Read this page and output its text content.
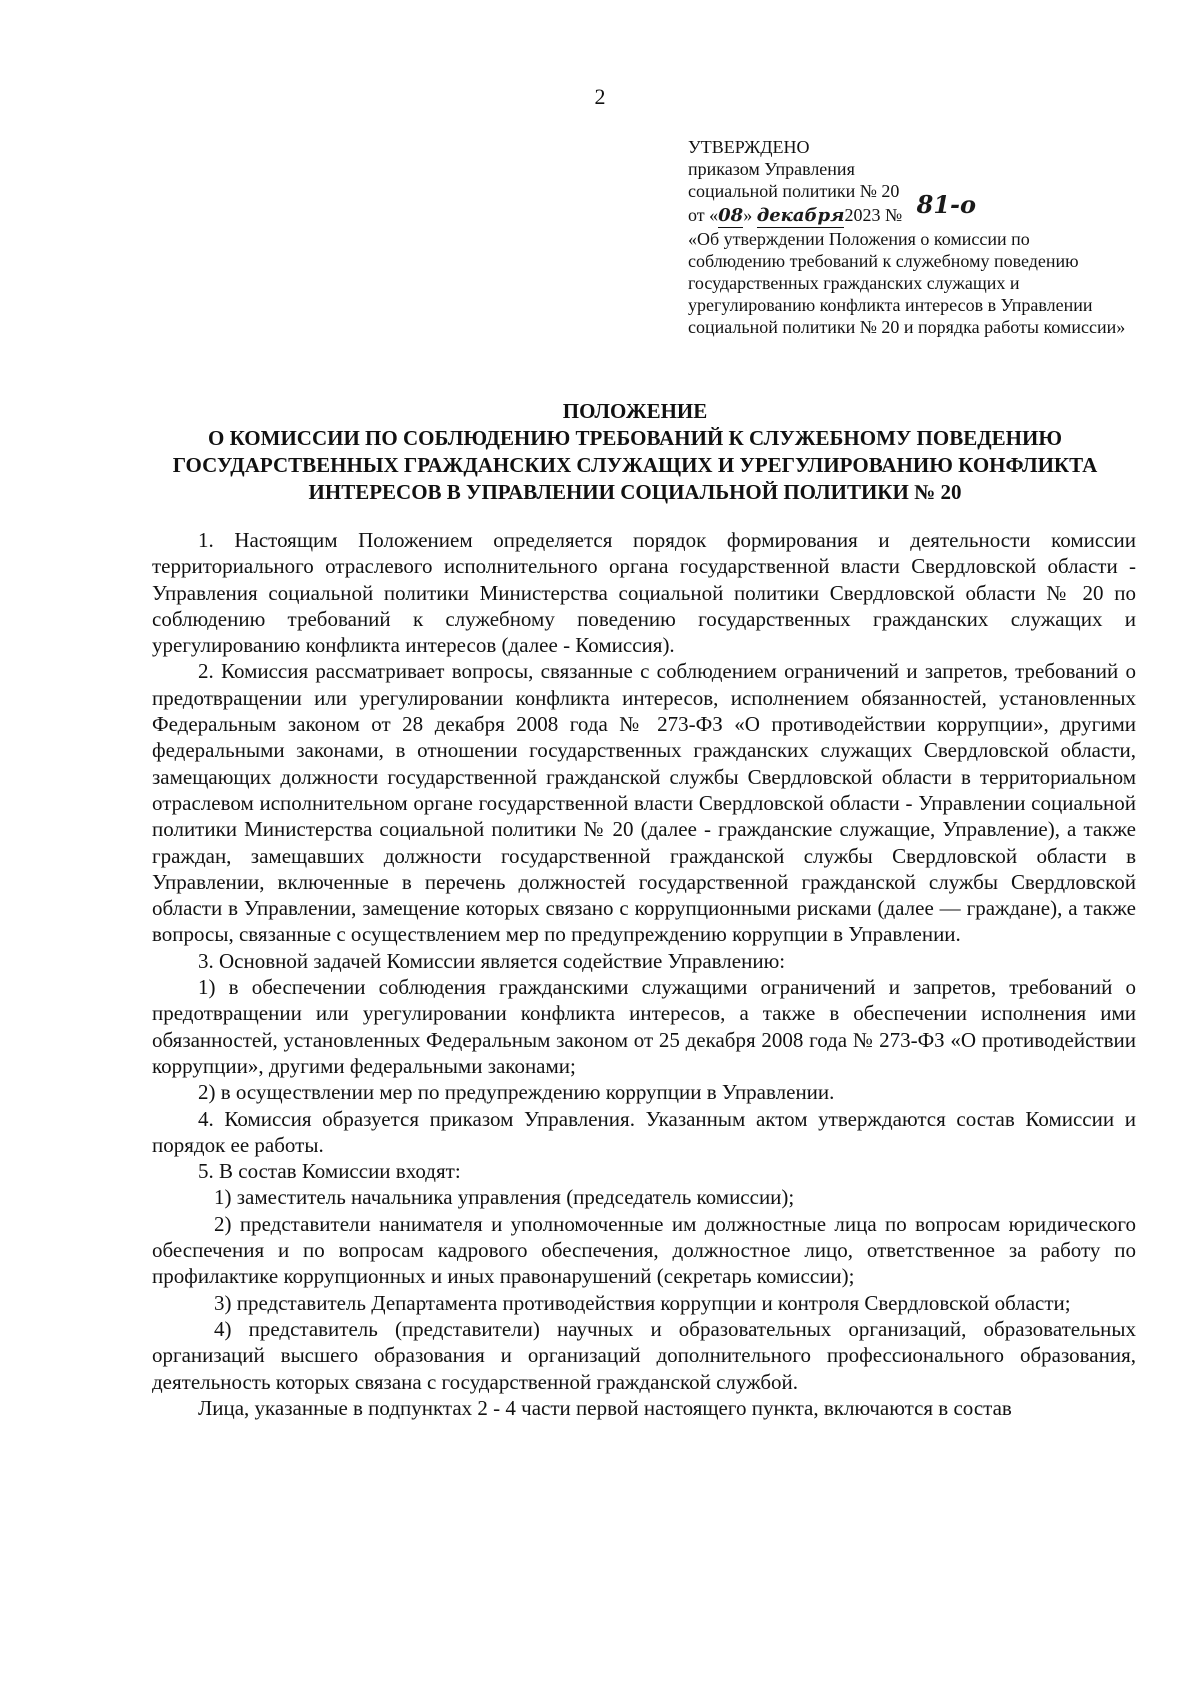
2
УТВЕРЖДЕНО
приказом Управления
социальной политики № 20
от «08» декабря2023 № 81-о
«Об утверждении Положения о комиссии по соблюдению требований к служебному поведению государственных гражданских служащих и урегулированию конфликта интересов в Управлении социальной политики № 20 и порядка работы комиссии»
ПОЛОЖЕНИЕ
О КОМИССИИ ПО СОБЛЮДЕНИЮ ТРЕБОВАНИЙ К СЛУЖЕБНОМУ ПОВЕДЕНИЮ
ГОСУДАРСТВЕННЫХ ГРАЖДАНСКИХ СЛУЖАЩИХ И УРЕГУЛИРОВАНИЮ КОНФЛИКТА
ИНТЕРЕСОВ В УПРАВЛЕНИИ СОЦИАЛЬНОЙ ПОЛИТИКИ № 20

1. Настоящим Положением определяется порядок формирования и деятельности комиссии территориального отраслевого исполнительного органа государственной власти Свердловской области - Управления социальной политики Министерства социальной политики Свердловской области № 20 по соблюдению требований к служебному поведению государственных гражданских служащих и урегулированию конфликта интересов (далее - Комиссия).

2. Комиссия рассматривает вопросы, связанные с соблюдением ограничений и запретов, требований о предотвращении или урегулировании конфликта интересов, исполнением обязанностей, установленных Федеральным законом от 28 декабря 2008 года № 273-ФЗ «О противодействии коррупции», другими федеральными законами, в отношении государственных гражданских служащих Свердловской области, замещающих должности государственной гражданской службы Свердловской области в территориальном отраслевом исполнительном органе государственной власти Свердловской области - Управлении социальной политики Министерства социальной политики № 20 (далее - гражданские служащие, Управление), а также граждан, замещавших должности государственной гражданской службы Свердловской области в Управлении, включенные в перечень должностей государственной гражданской службы Свердловской области в Управлении, замещение которых связано с коррупционными рисками (далее — граждане), а также вопросы, связанные с осуществлением мер по предупреждению коррупции в Управлении.

3. Основной задачей Комиссии является содействие Управлению:

1) в обеспечении соблюдения гражданскими служащими ограничений и запретов, требований о предотвращении или урегулировании конфликта интересов, а также в обеспечении исполнения ими обязанностей, установленных Федеральным законом от 25 декабря 2008 года № 273-ФЗ «О противодействии коррупции», другими федеральными законами;

2) в осуществлении мер по предупреждению коррупции в Управлении.

4. Комиссия образуется приказом Управления. Указанным актом утверждаются состав Комиссии и порядок ее работы.

5. В состав Комиссии входят:

1) заместитель начальника управления (председатель комиссии);

2) представители нанимателя и уполномоченные им должностные лица по вопросам юридического обеспечения и по вопросам кадрового обеспечения, должностное лицо, ответственное за работу по профилактике коррупционных и иных правонарушений (секретарь комиссии);

3) представитель Департамента противодействия коррупции и контроля Свердловской области;

4) представитель (представители) научных и образовательных организаций, образовательных организаций высшего образования и организаций дополнительного профессионального образования, деятельность которых связана с государственной гражданской службой.

Лица, указанные в подпунктах 2 - 4 части первой настоящего пункта, включаются в состав
